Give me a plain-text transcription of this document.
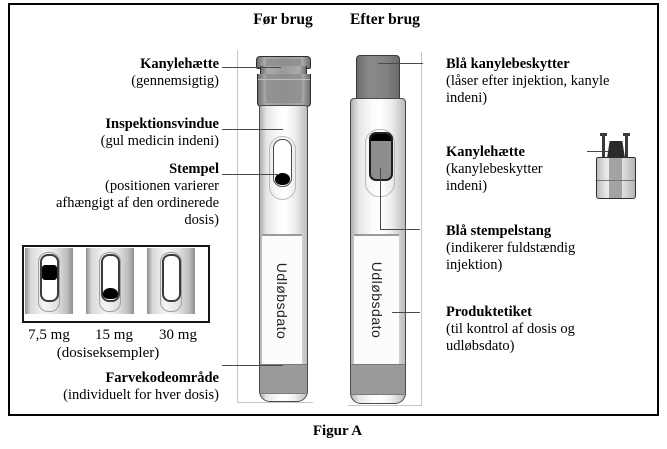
Før brug	Efter brug
Udløbsdato	Udløbsdato
Kanylehætte
(gennemsigtig)
Inspektionsvindue
(gul medicin indeni)
Stempel
(positionen varierer
afhængigt af den ordinerede
dosis)
Farvekodeområde
(individuelt for hver dosis)
7,5 mg	15 mg	30 mg
(dosiseksempler)
Blå kanylebeskytter
(låser efter injektion, kanyle
indeni)
Kanylehætte
(kanylebeskytter
indeni)
Blå stempelstang
(indikerer fuldstændig
injektion)
Produktetiket
(til kontrol af dosis og
udløbsdato)
Figur A
